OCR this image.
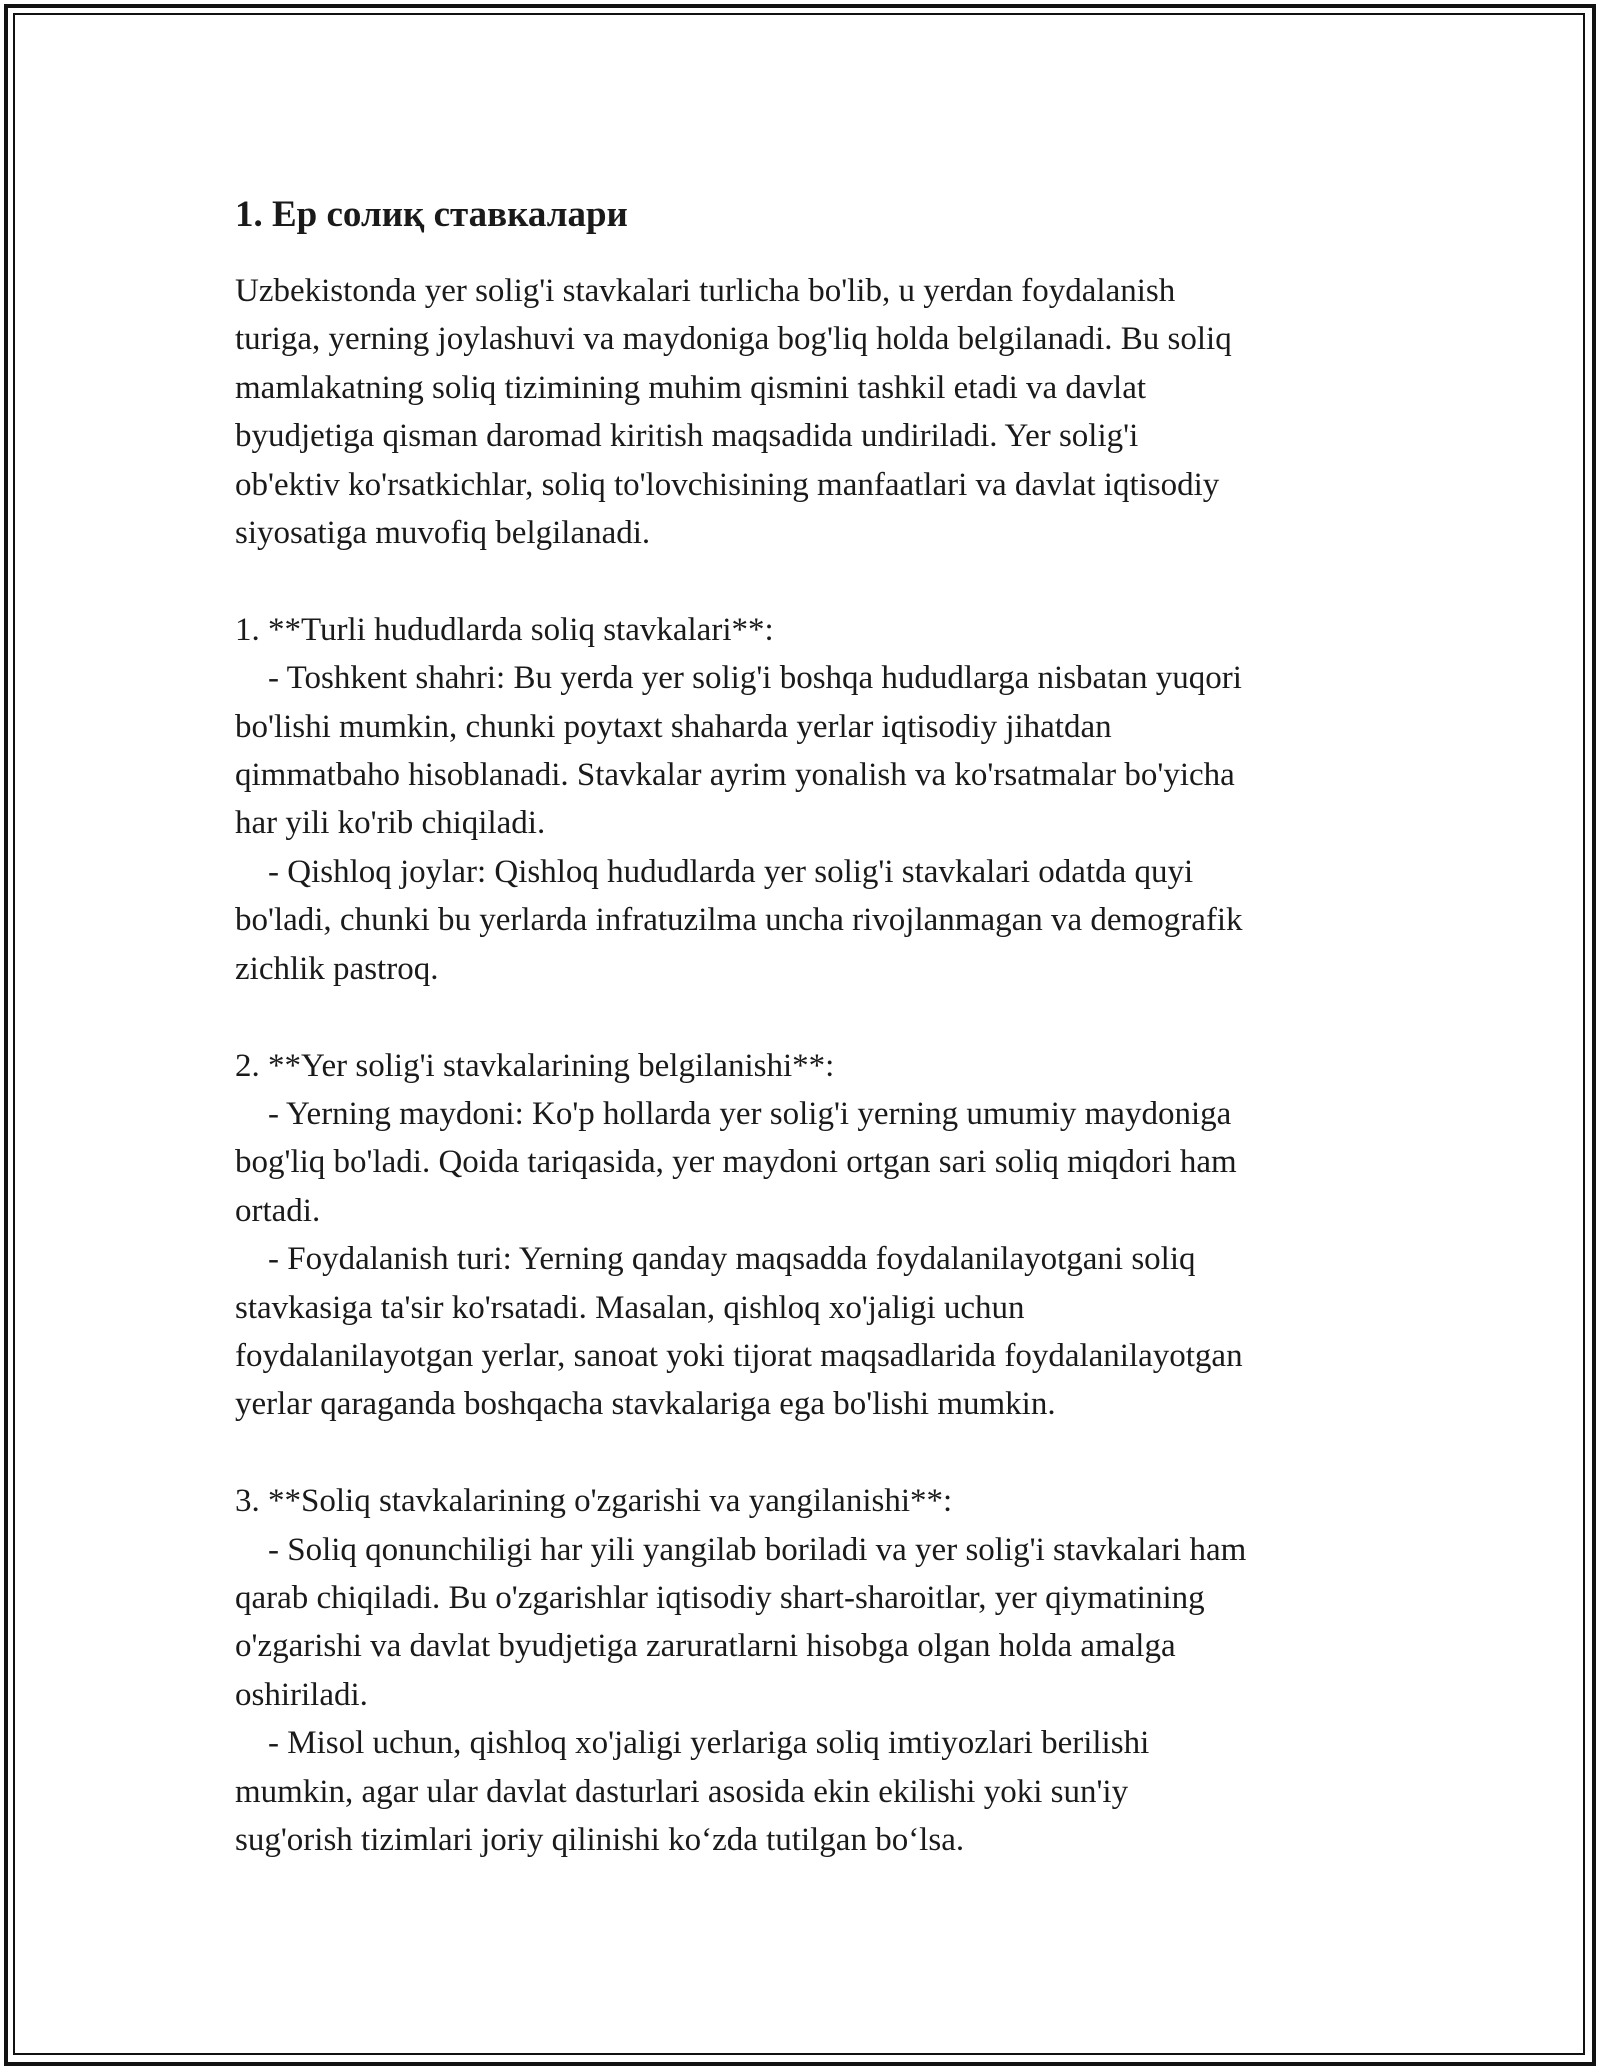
1. Ер солиқ ставкалари

Uzbekistonda yer solig'i stavkalari turlicha bo'lib, u yerdan foydalanish
turiga, yerning joylashuvi va maydoniga bog'liq holda belgilanadi. Bu soliq
mamlakatning soliq tizimining muhim qismini tashkil etadi va davlat
byudjetiga qisman daromad kiritish maqsadida undiriladi. Yer solig'i
ob'ektiv ko'rsatkichlar, soliq to'lovchisining manfaatlari va davlat iqtisodiy
siyosatiga muvofiq belgilanadi.

1. **Turli hududlarda soliq stavkalari**:
- Toshkent shahri: Bu yerda yer solig'i boshqa hududlarga nisbatan yuqori
bo'lishi mumkin, chunki poytaxt shaharda yerlar iqtisodiy jihatdan
qimmatbaho hisoblanadi. Stavkalar ayrim yonalish va ko'rsatmalar bo'yicha
har yili ko'rib chiqiladi.
- Qishloq joylar: Qishloq hududlarda yer solig'i stavkalari odatda quyi
bo'ladi, chunki bu yerlarda infratuzilma uncha rivojlanmagan va demografik
zichlik pastroq.

2. **Yer solig'i stavkalarining belgilanishi**:
- Yerning maydoni: Ko'p hollarda yer solig'i yerning umumiy maydoniga
bog'liq bo'ladi. Qoida tariqasida, yer maydoni ortgan sari soliq miqdori ham
ortadi.
- Foydalanish turi: Yerning qanday maqsadda foydalanilayotgani soliq
stavkasiga ta'sir ko'rsatadi. Masalan, qishloq xo'jaligi uchun
foydalanilayotgan yerlar, sanoat yoki tijorat maqsadlarida foydalanilayotgan
yerlar qaraganda boshqacha stavkalariga ega bo'lishi mumkin.

3. **Soliq stavkalarining o'zgarishi va yangilanishi**:
- Soliq qonunchiligi har yili yangilab boriladi va yer solig'i stavkalari ham
qarab chiqiladi. Bu o'zgarishlar iqtisodiy shart-sharoitlar, yer qiymatining
o'zgarishi va davlat byudjetiga zaruratlarni hisobga olgan holda amalga
oshiriladi.
- Misol uchun, qishloq xo'jaligi yerlariga soliq imtiyozlari berilishi
mumkin, agar ular davlat dasturlari asosida ekin ekilishi yoki sun'iy
sug'orish tizimlari joriy qilinishi koʻzda tutilgan boʻlsa.
